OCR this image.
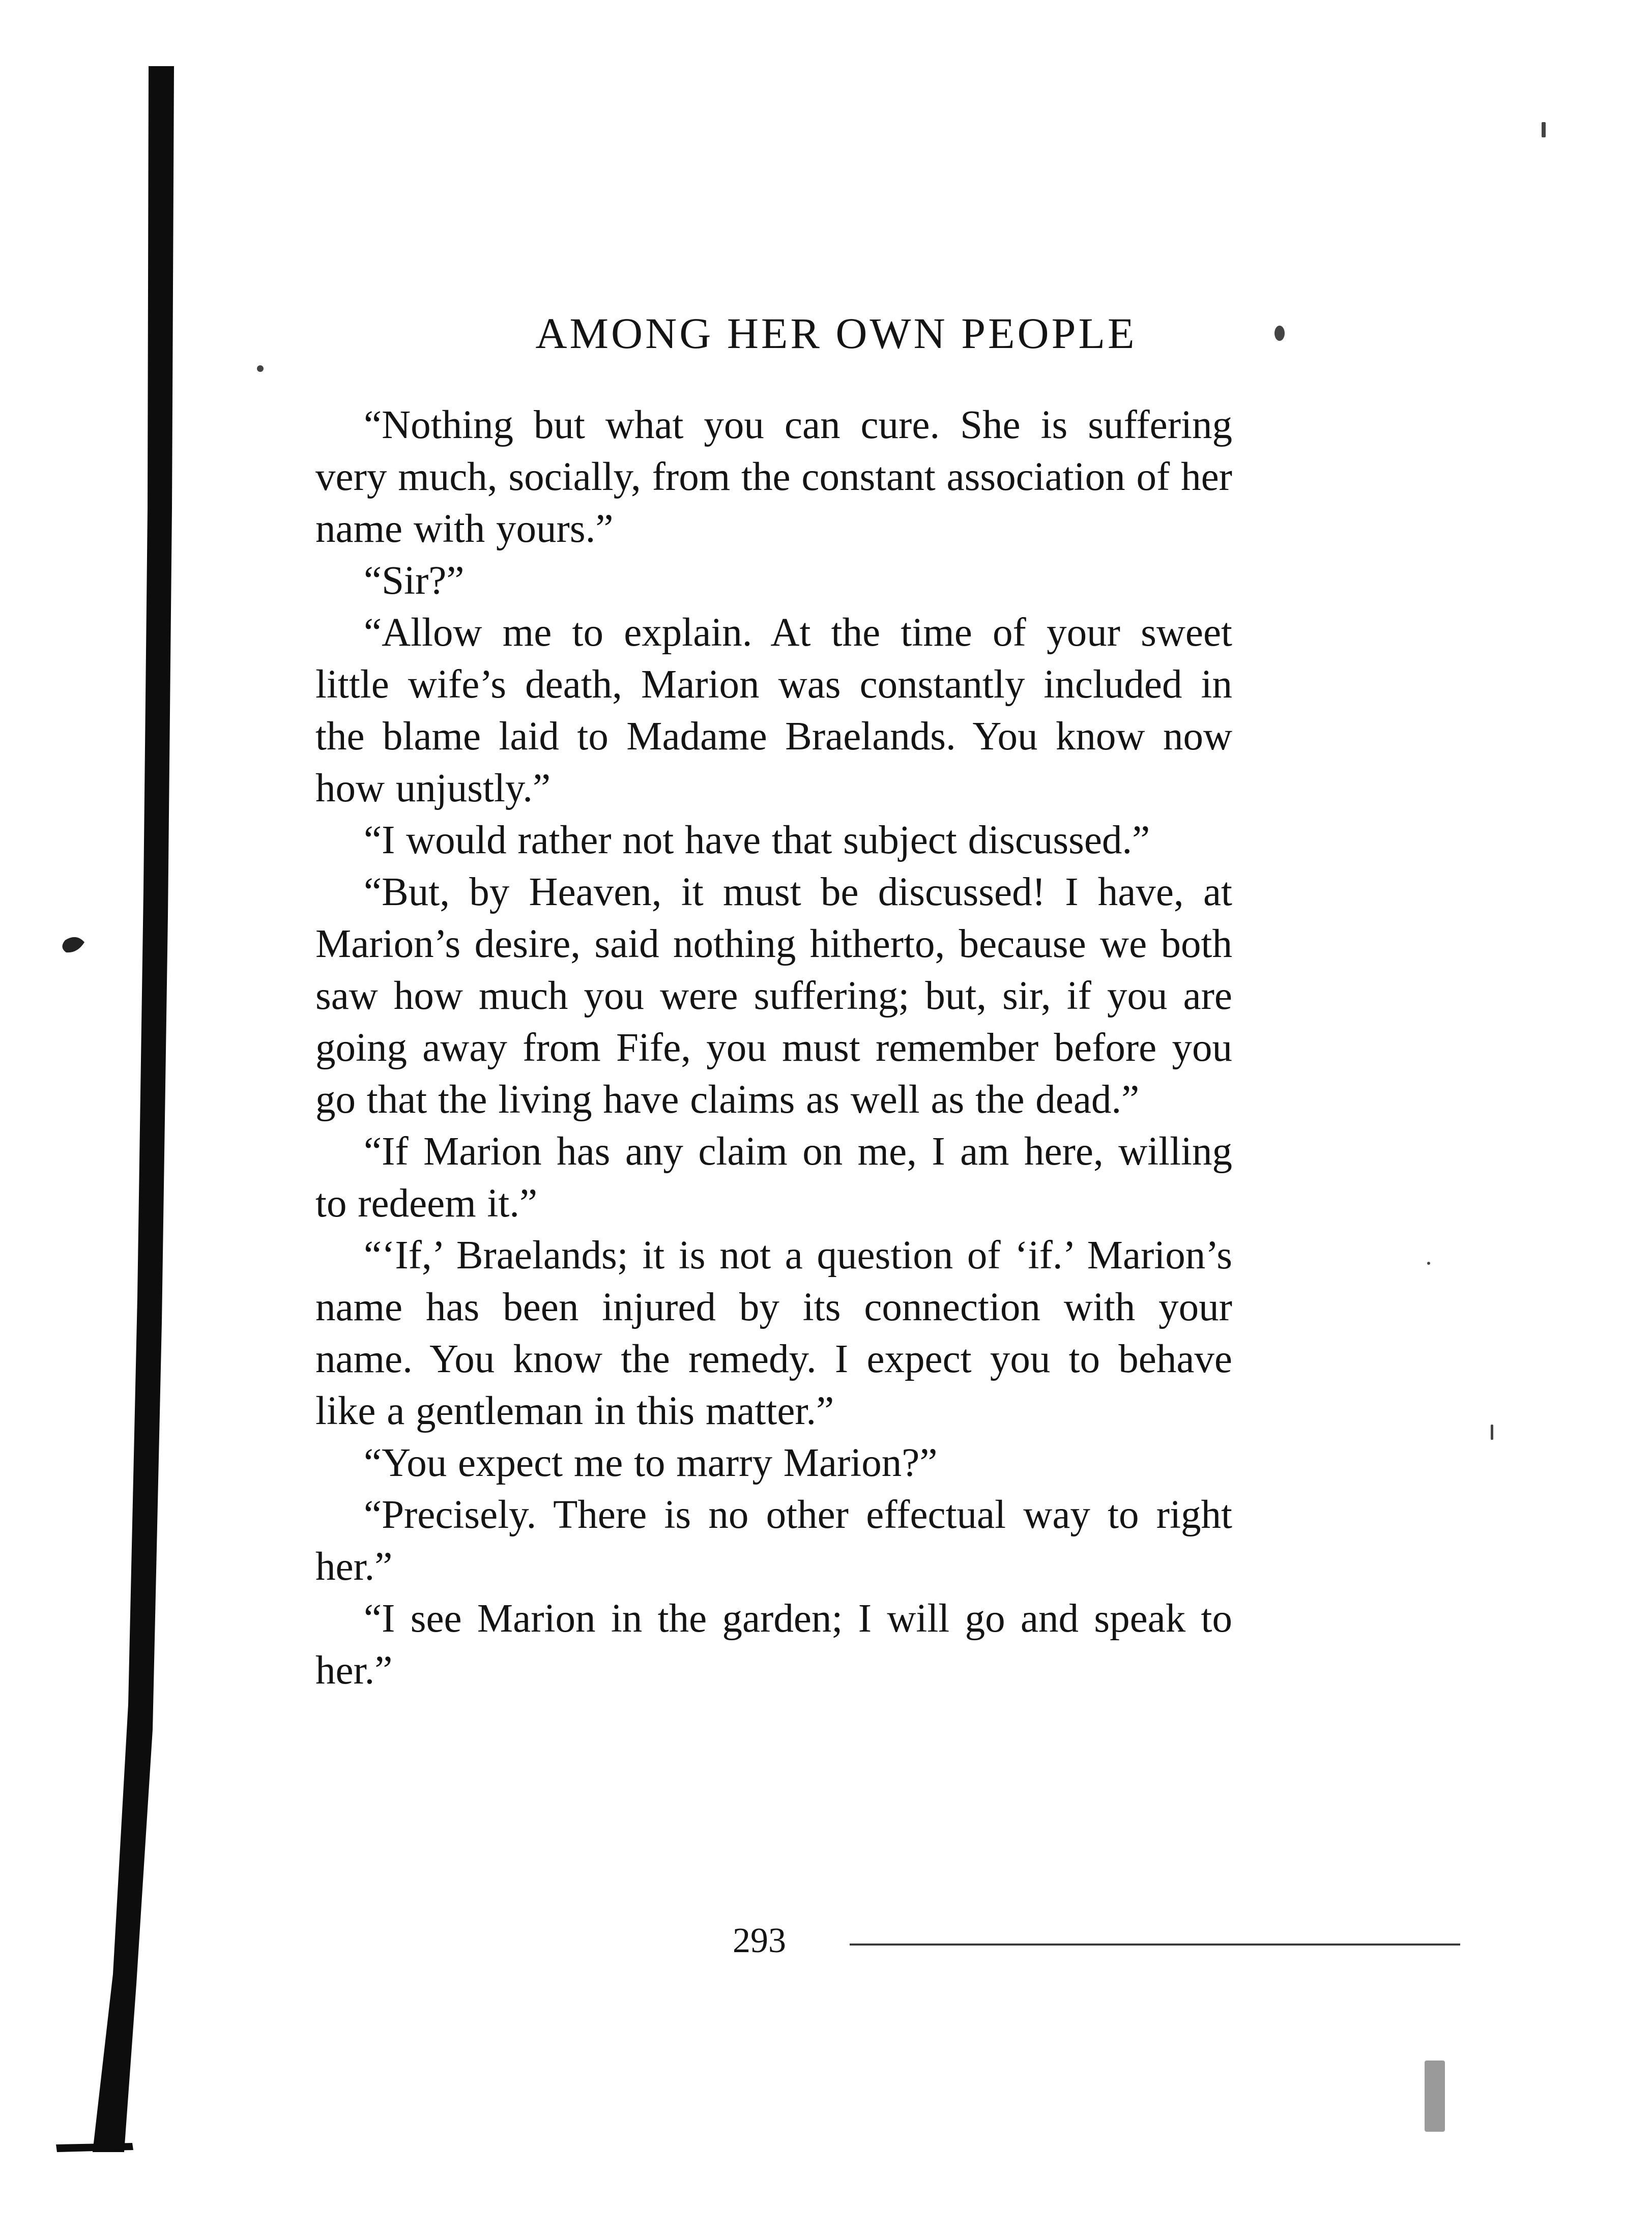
AMONG HER OWN PEOPLE

“Nothing but what you can cure. She is suffering very much, socially, from the constant association of her name with yours.”

“Sir?”

“Allow me to explain. At the time of your sweet little wife’s death, Marion was constantly included in the blame laid to Madame Braelands. You know now how unjustly.”

“I would rather not have that subject discussed.”

“But, by Heaven, it must be discussed! I have, at Marion’s desire, said nothing hitherto, because we both saw how much you were suffering; but, sir, if you are going away from Fife, you must remember before you go that the living have claims as well as the dead.”

“If Marion has any claim on me, I am here, willing to redeem it.”

“‘If,’ Braelands; it is not a question of ‘if.’ Marion’s name has been injured by its connection with your name. You know the remedy. I expect you to behave like a gentleman in this matter.”

“You expect me to marry Marion?”

“Precisely. There is no other effectual way to right her.”

“I see Marion in the garden; I will go and speak to her.”

293
